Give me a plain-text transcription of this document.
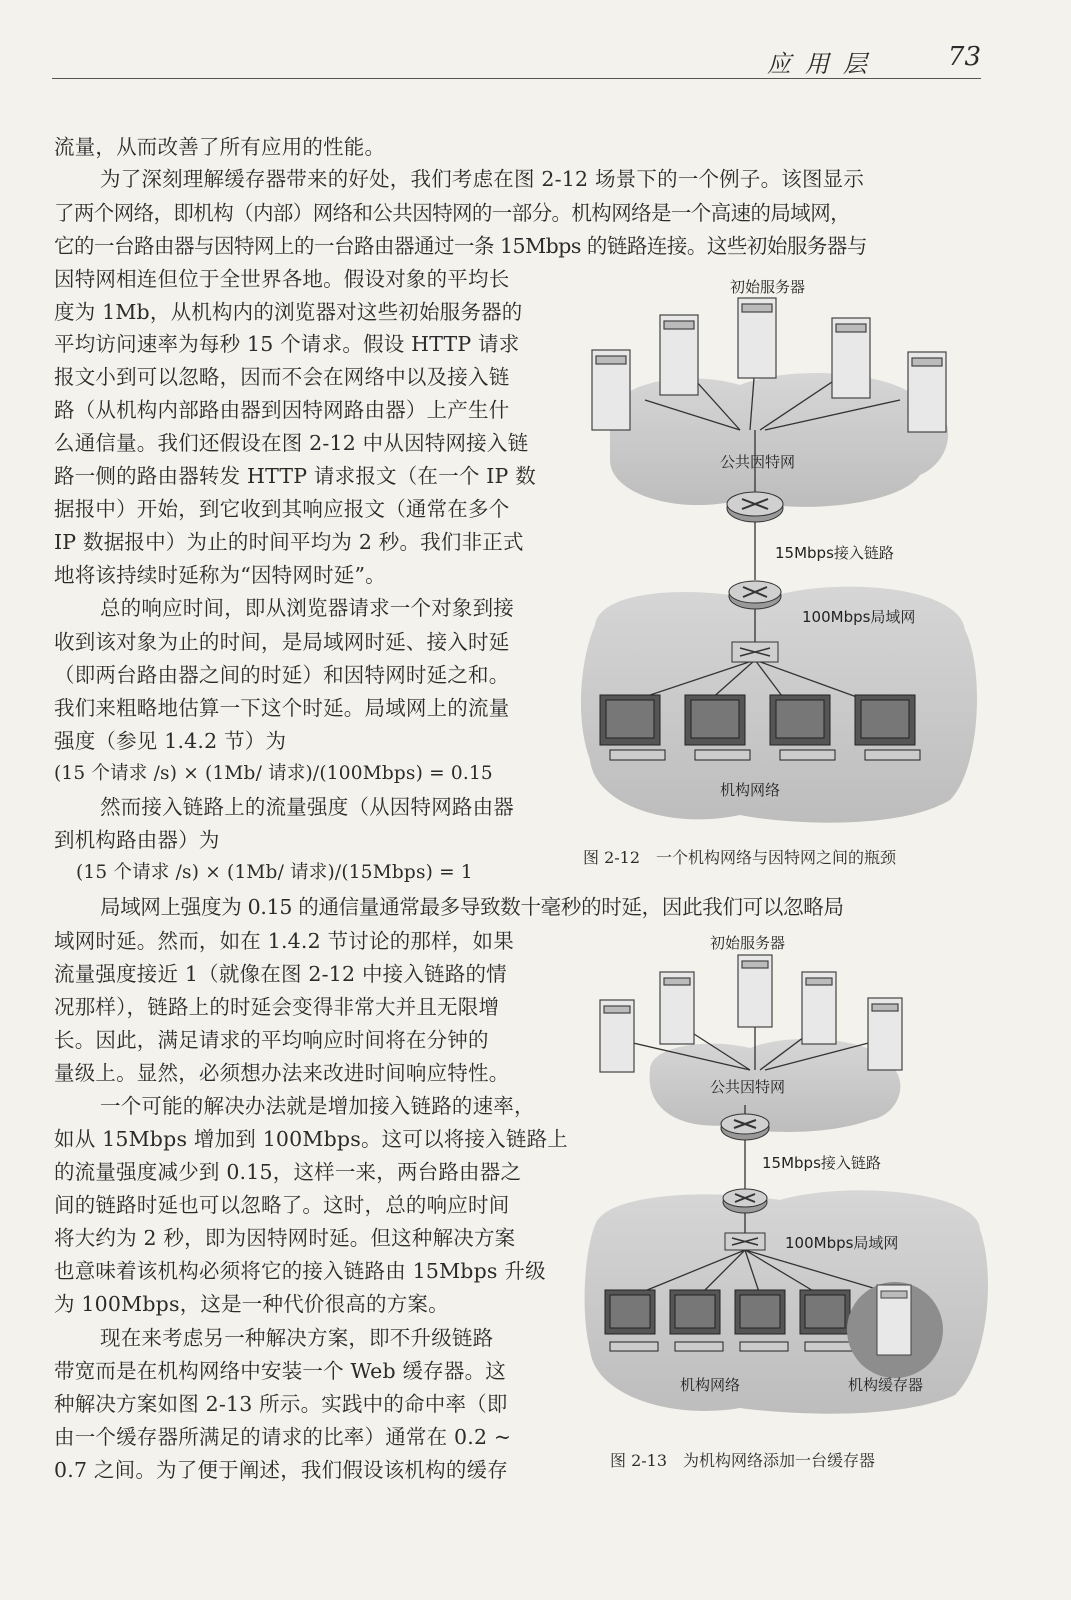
应用层	73
流量，从而改善了所有应用的性能。
为了深刻理解缓存器带来的好处，我们考虑在图 2-12 场景下的一个例子。该图显示
了两个网络，即机构（内部）网络和公共因特网的一部分。机构网络是一个高速的局域网，
它的一台路由器与因特网上的一台路由器通过一条 15Mbps 的链路连接。这些初始服务器与
因特网相连但位于全世界各地。假设对象的平均长
度为 1Mb，从机构内的浏览器对这些初始服务器的
平均访问速率为每秒 15 个请求。假设 HTTP 请求
报文小到可以忽略，因而不会在网络中以及接入链
路（从机构内部路由器到因特网路由器）上产生什
么通信量。我们还假设在图 2-12 中从因特网接入链
路一侧的路由器转发 HTTP 请求报文（在一个 IP 数
据报中）开始，到它收到其响应报文（通常在多个
IP 数据报中）为止的时间平均为 2 秒。我们非正式
地将该持续时延称为“因特网时延”。
总的响应时间，即从浏览器请求一个对象到接
收到该对象为止的时间，是局域网时延、接入时延
（即两台路由器之间的时延）和因特网时延之和。
我们来粗略地估算一下这个时延。局域网上的流量
强度（参见 1.4.2 节）为
(15 个请求 /s) × (1Mb/ 请求)/(100Mbps) = 0.15
然而接入链路上的流量强度（从因特网路由器
到机构路由器）为
(15 个请求 /s) × (1Mb/ 请求)/(15Mbps) = 1
局域网上强度为 0.15 的通信量通常最多导致数十毫秒的时延，因此我们可以忽略局
域网时延。然而，如在 1.4.2 节讨论的那样，如果
流量强度接近 1（就像在图 2-12 中接入链路的情
况那样），链路上的时延会变得非常大并且无限增
长。因此，满足请求的平均响应时间将在分钟的
量级上。显然，必须想办法来改进时间响应特性。
一个可能的解决办法就是增加接入链路的速率，
如从 15Mbps 增加到 100Mbps。这可以将接入链路上
的流量强度减少到 0.15，这样一来，两台路由器之
间的链路时延也可以忽略了。这时，总的响应时间
将大约为 2 秒，即为因特网时延。但这种解决方案
也意味着该机构必须将它的接入链路由 15Mbps 升级
为 100Mbps，这是一种代价很高的方案。
现在来考虑另一种解决方案，即不升级链路
带宽而是在机构网络中安装一个 Web 缓存器。这
种解决方案如图 2-13 所示。实践中的命中率（即
由一个缓存器所满足的请求的比率）通常在 0.2 ~
0.7 之间。为了便于阐述，我们假设该机构的缓存
初始服务器
公共因特网
15Mbps接入链路
100Mbps局域网
机构网络
图 2-12　一个机构网络与因特网之间的瓶颈
初始服务器
公共因特网
15Mbps接入链路
100Mbps局域网
机构网络	机构缓存器
图 2-13　为机构网络添加一台缓存器
